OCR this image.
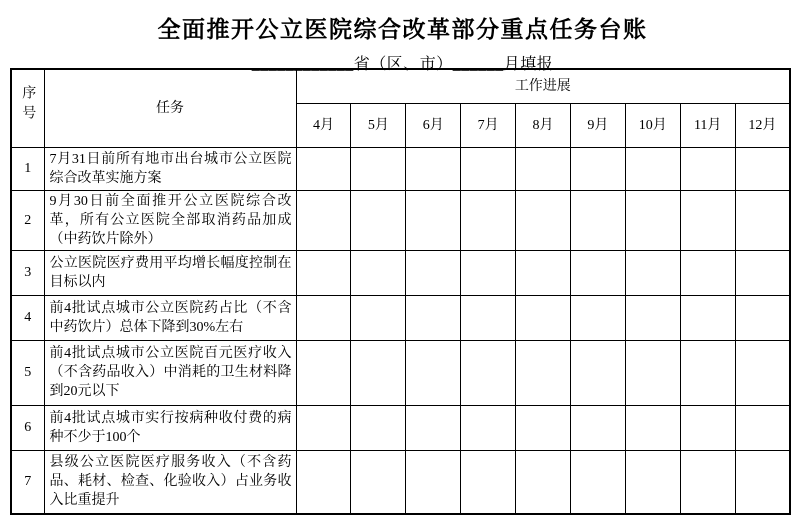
全面推开公立医院综合改革部分重点任务台账
____________省（区、市）______月填报
序号	任务	工作进展								
		4月	5月	6月	7月	8月	9月	10月	11月	12月
1	7月31日前所有地市出台城市公立医院综合改革实施方案									
2	9月30日前全面推开公立医院综合改革，所有公立医院全部取消药品加成（中药饮片除外）									
3	公立医院医疗费用平均增长幅度控制在目标以内									
4	前4批试点城市公立医院药占比（不含中药饮片）总体下降到30%左右									
5	前4批试点城市公立医院百元医疗收入（不含药品收入）中消耗的卫生材料降到20元以下									
6	前4批试点城市实行按病种收付费的病种不少于100个									
7	县级公立医院医疗服务收入（不含药品、耗材、检查、化验收入）占业务收入比重提升									
